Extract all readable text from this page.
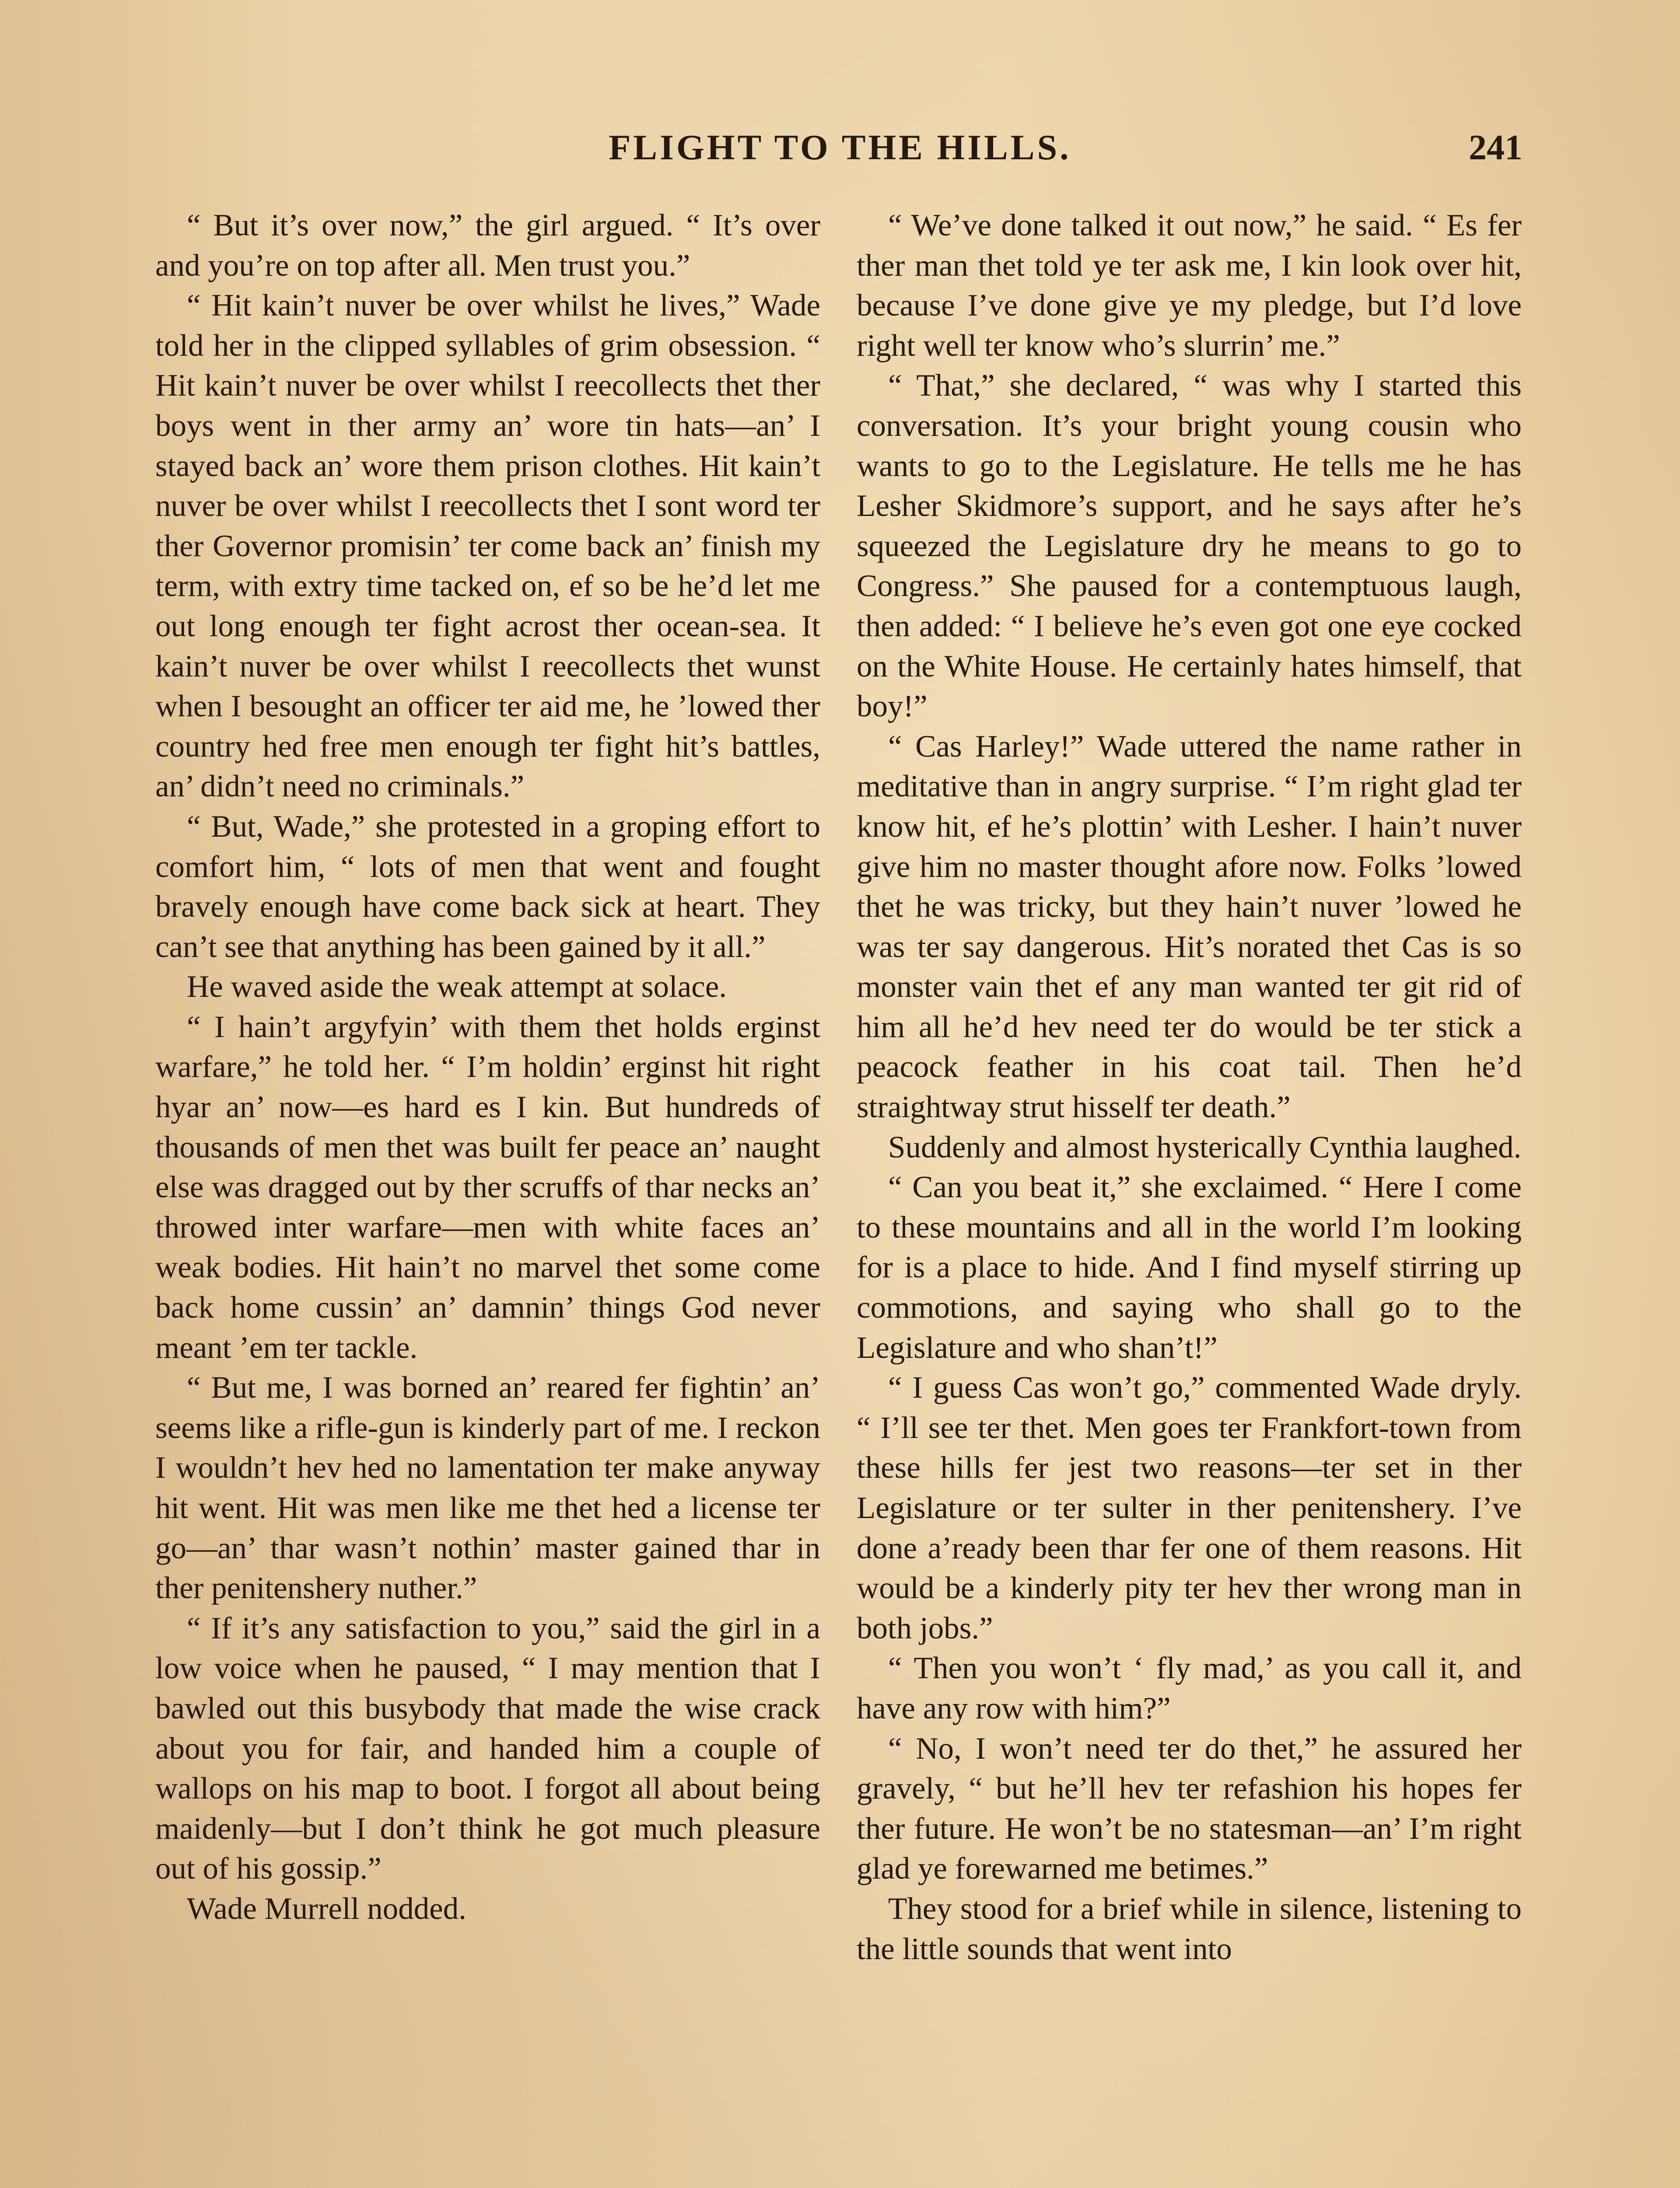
FLIGHT TO THE HILLS.	241

“ But it’s over now,” the girl argued. “ It’s over and you’re on top after all. Men trust you.”

“ Hit kain’t nuver be over whilst he lives,” Wade told her in the clipped syllables of grim obsession. “ Hit kain’t nuver be over whilst I reecollects thet ther boys went in ther army an’ wore tin hats—an’ I stayed back an’ wore them prison clothes. Hit kain’t nuver be over whilst I reecollects thet I sont word ter ther Governor promisin’ ter come back an’ finish my term, with extry time tacked on, ef so be he’d let me out long enough ter fight acrost ther ocean-sea. It kain’t nuver be over whilst I reecollects thet wunst when I besought an officer ter aid me, he ’lowed ther country hed free men enough ter fight hit’s battles, an’ didn’t need no criminals.”

“ But, Wade,” she protested in a groping effort to comfort him, “ lots of men that went and fought bravely enough have come back sick at heart. They can’t see that anything has been gained by it all.”

He waved aside the weak attempt at solace.

“ I hain’t argyfyin’ with them thet holds erginst warfare,” he told her. “ I’m holdin’ erginst hit right hyar an’ now—es hard es I kin. But hundreds of thousands of men thet was built fer peace an’ naught else was dragged out by ther scruffs of thar necks an’ throwed inter warfare—men with white faces an’ weak bodies. Hit hain’t no marvel thet some come back home cussin’ an’ damnin’ things God never meant ’em ter tackle.

“ But me, I was borned an’ reared fer fightin’ an’ seems like a rifle-gun is kinderly part of me. I reckon I wouldn’t hev hed no lamentation ter make anyway hit went. Hit was men like me thet hed a license ter go—an’ thar wasn’t nothin’ master gained thar in ther penitenshery nuther.”

“ If it’s any satisfaction to you,” said the girl in a low voice when he paused, “ I may mention that I bawled out this busybody that made the wise crack about you for fair, and handed him a couple of wallops on his map to boot. I forgot all about being maidenly—but I don’t think he got much pleasure out of his gossip.”

Wade Murrell nodded.

“ We’ve done talked it out now,” he said. “ Es fer ther man thet told ye ter ask me, I kin look over hit, because I’ve done give ye my pledge, but I’d love right well ter know who’s slurrin’ me.”

“ That,” she declared, “ was why I started this conversation. It’s your bright young cousin who wants to go to the Legislature. He tells me he has Lesher Skidmore’s support, and he says after he’s squeezed the Legislature dry he means to go to Congress.” She paused for a contemptuous laugh, then added: “ I believe he’s even got one eye cocked on the White House. He certainly hates himself, that boy!”

“ Cas Harley!” Wade uttered the name rather in meditative than in angry surprise. “ I’m right glad ter know hit, ef he’s plottin’ with Lesher. I hain’t nuver give him no master thought afore now. Folks ’lowed thet he was tricky, but they hain’t nuver ’lowed he was ter say dangerous. Hit’s norated thet Cas is so monster vain thet ef any man wanted ter git rid of him all he’d hev need ter do would be ter stick a peacock feather in his coat tail. Then he’d straightway strut hisself ter death.”

Suddenly and almost hysterically Cynthia laughed.

“ Can you beat it,” she exclaimed. “ Here I come to these mountains and all in the world I’m looking for is a place to hide. And I find myself stirring up commotions, and saying who shall go to the Legislature and who shan’t!”

“ I guess Cas won’t go,” commented Wade dryly. “ I’ll see ter thet. Men goes ter Frankfort-town from these hills fer jest two reasons—ter set in ther Legislature or ter sulter in ther penitenshery. I’ve done a’ready been thar fer one of them reasons. Hit would be a kinderly pity ter hev ther wrong man in both jobs.”

“ Then you won’t ‘ fly mad,’ as you call it, and have any row with him?”

“ No, I won’t need ter do thet,” he assured her gravely, “ but he’ll hev ter refashion his hopes fer ther future. He won’t be no statesman—an’ I’m right glad ye forewarned me betimes.”

They stood for a brief while in silence, listening to the little sounds that went into
